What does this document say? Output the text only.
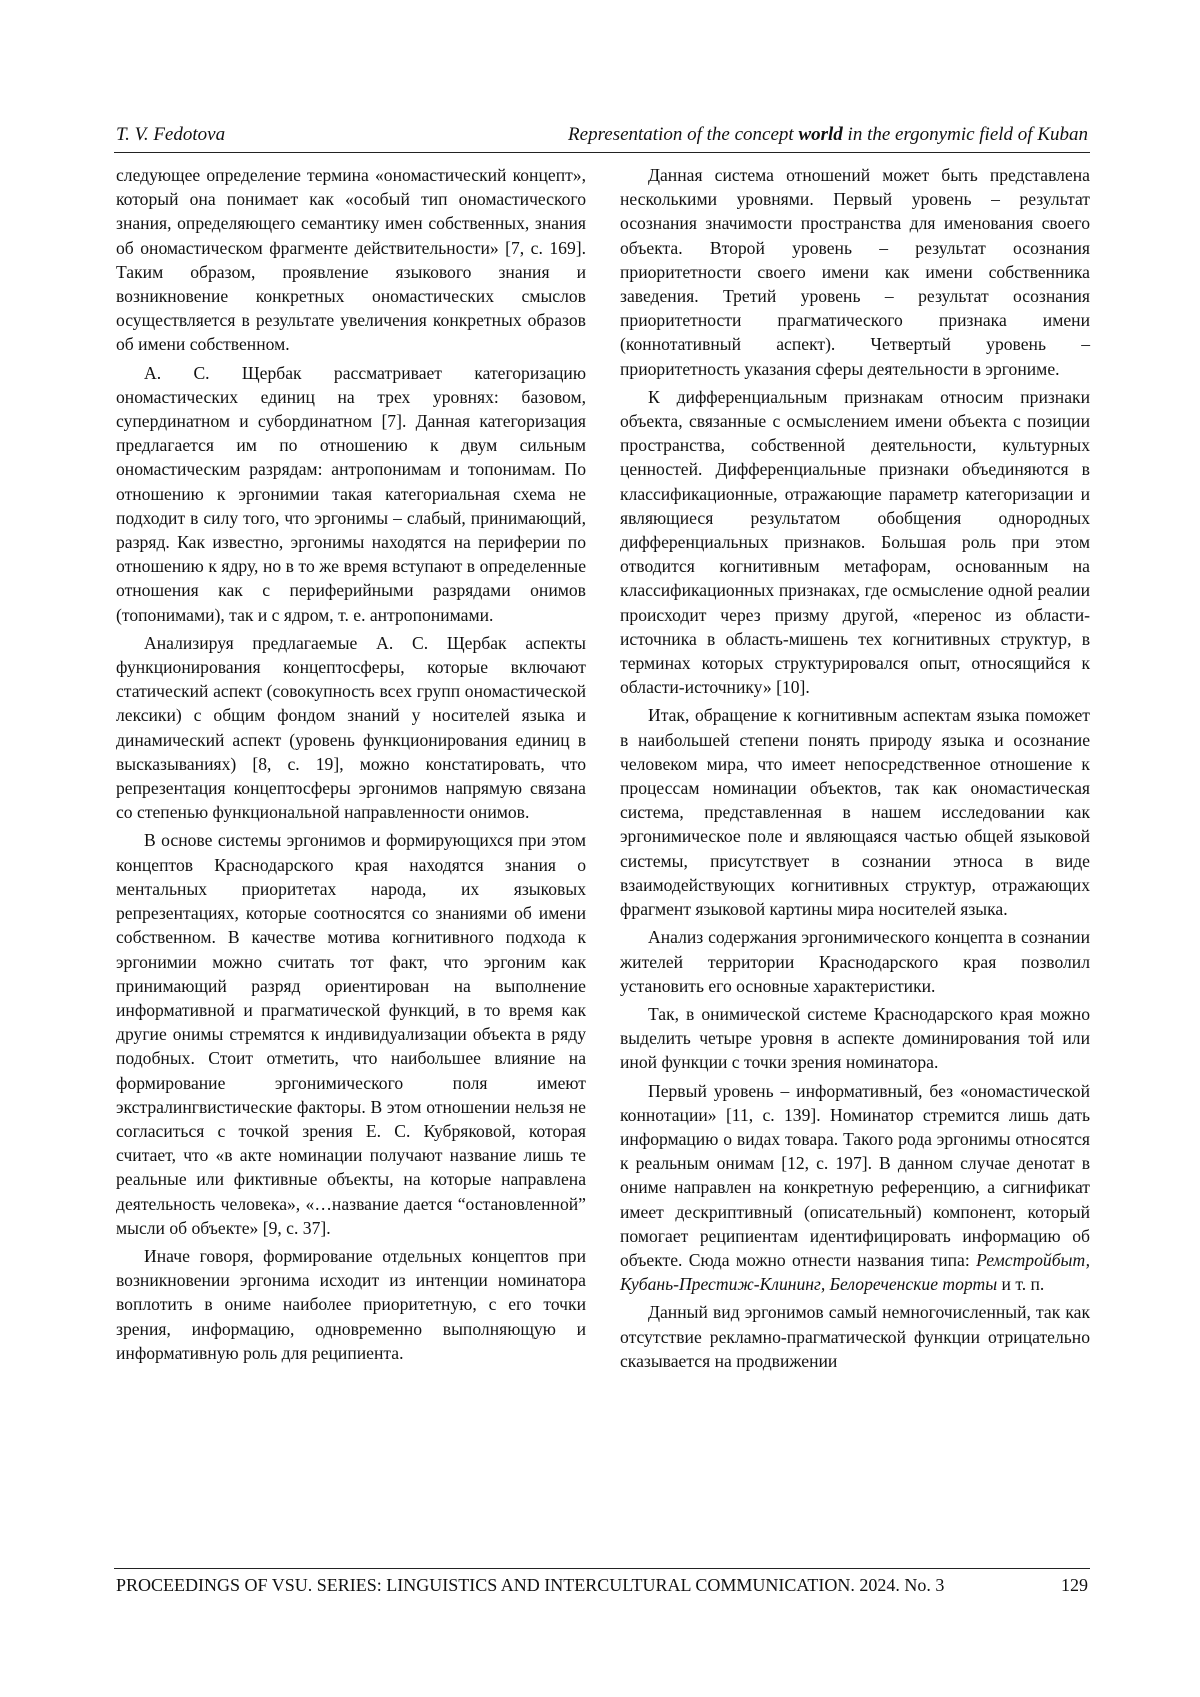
T. V. Fedotova	Representation of the concept world in the ergonymic field of Kuban

следующее определение термина «ономастический концепт», который она понимает как «особый тип ономастического знания, определяющего семантику имен собственных, знания об ономастическом фрагменте действительности» [7, с. 169]. Таким образом, проявление языкового знания и возникновение конкретных ономастических смыслов осуществляется в результате увеличения конкретных образов об имени собственном.

А. С. Щербак рассматривает категоризацию ономастических единиц на трех уровнях: базовом, супердинатном и субординатном [7]. Данная категоризация предлагается им по отношению к двум сильным ономастическим разрядам: антропонимам и топонимам. По отношению к эргонимии такая категориальная схема не подходит в силу того, что эргонимы – слабый, принимающий, разряд. Как известно, эргонимы находятся на периферии по отношению к ядру, но в то же время вступают в определенные отношения как с периферийными разрядами онимов (топонимами), так и с ядром, т. е. антропонимами.

Анализируя предлагаемые А. С. Щербак аспекты функционирования концептосферы, которые включают статический аспект (совокупность всех групп ономастической лексики) с общим фондом знаний у носителей языка и динамический аспект (уровень функционирования единиц в высказываниях) [8, с. 19], можно констатировать, что репрезентация концептосферы эргонимов напрямую связана со степенью функциональной направленности онимов.

В основе системы эргонимов и формирующихся при этом концептов Краснодарского края находятся знания о ментальных приоритетах народа, их языковых репрезентациях, которые соотносятся со знаниями об имени собственном. В качестве мотива когнитивного подхода к эргонимии можно считать тот факт, что эргоним как принимающий разряд ориентирован на выполнение информативной и прагматической функций, в то время как другие онимы стремятся к индивидуализации объекта в ряду подобных. Стоит отметить, что наибольшее влияние на формирование эргонимического поля имеют экстралингвистические факторы. В этом отношении нельзя не согласиться с точкой зрения Е. С. Кубряковой, которая считает, что «в акте номинации получают название лишь те реальные или фиктивные объекты, на которые направлена деятельность человека», «…название дается “остановленной” мысли об объекте» [9, с. 37].

Иначе говоря, формирование отдельных концептов при возникновении эргонима исходит из интенции номинатора воплотить в ониме наиболее приоритетную, с его точки зрения, информацию, одновременно выполняющую и информативную роль для реципиента.

Данная система отношений может быть представлена несколькими уровнями. Первый уровень – результат осознания значимости пространства для именования своего объекта. Второй уровень – результат осознания приоритетности своего имени как имени собственника заведения. Третий уровень – результат осознания приоритетности прагматического признака имени (коннотативный аспект). Четвертый уровень – приоритетность указания сферы деятельности в эргониме.

К дифференциальным признакам относим признаки объекта, связанные с осмыслением имени объекта с позиции пространства, собственной деятельности, культурных ценностей. Дифференциальные признаки объединяются в классификационные, отражающие параметр категоризации и являющиеся результатом обобщения однородных дифференциальных признаков. Большая роль при этом отводится когнитивным метафорам, основанным на классификационных признаках, где осмысление одной реалии происходит через призму другой, «перенос из области-источника в область-мишень тех когнитивных структур, в терминах которых структурировался опыт, относящийся к области-источнику» [10].

Итак, обращение к когнитивным аспектам языка поможет в наибольшей степени понять природу языка и осознание человеком мира, что имеет непосредственное отношение к процессам номинации объектов, так как ономастическая система, представленная в нашем исследовании как эргонимическое поле и являющаяся частью общей языковой системы, присутствует в сознании этноса в виде взаимодействующих когнитивных структур, отражающих фрагмент языковой картины мира носителей языка.

Анализ содержания эргонимического концепта в сознании жителей территории Краснодарского края позволил установить его основные характеристики.

Так, в онимической системе Краснодарского края можно выделить четыре уровня в аспекте доминирования той или иной функции с точки зрения номинатора.

Первый уровень – информативный, без «ономастической коннотации» [11, с. 139]. Номинатор стремится лишь дать информацию о видах товара. Такого рода эргонимы относятся к реальным онимам [12, с. 197]. В данном случае денотат в ониме направлен на конкретную референцию, а сигнификат имеет дескриптивный (описательный) компонент, который помогает реципиентам идентифицировать информацию об объекте. Сюда можно отнести названия типа: Ремстройбыт, Кубань-Престиж-Клининг, Белореченские торты и т. п.

Данный вид эргонимов самый немногочисленный, так как отсутствие рекламно-прагматической функции отрицательно сказывается на продвижении

PROCEEDINGS OF VSU. SERIES: LINGUISTICS AND INTERCULTURAL COMMUNICATION. 2024. No. 3	129
